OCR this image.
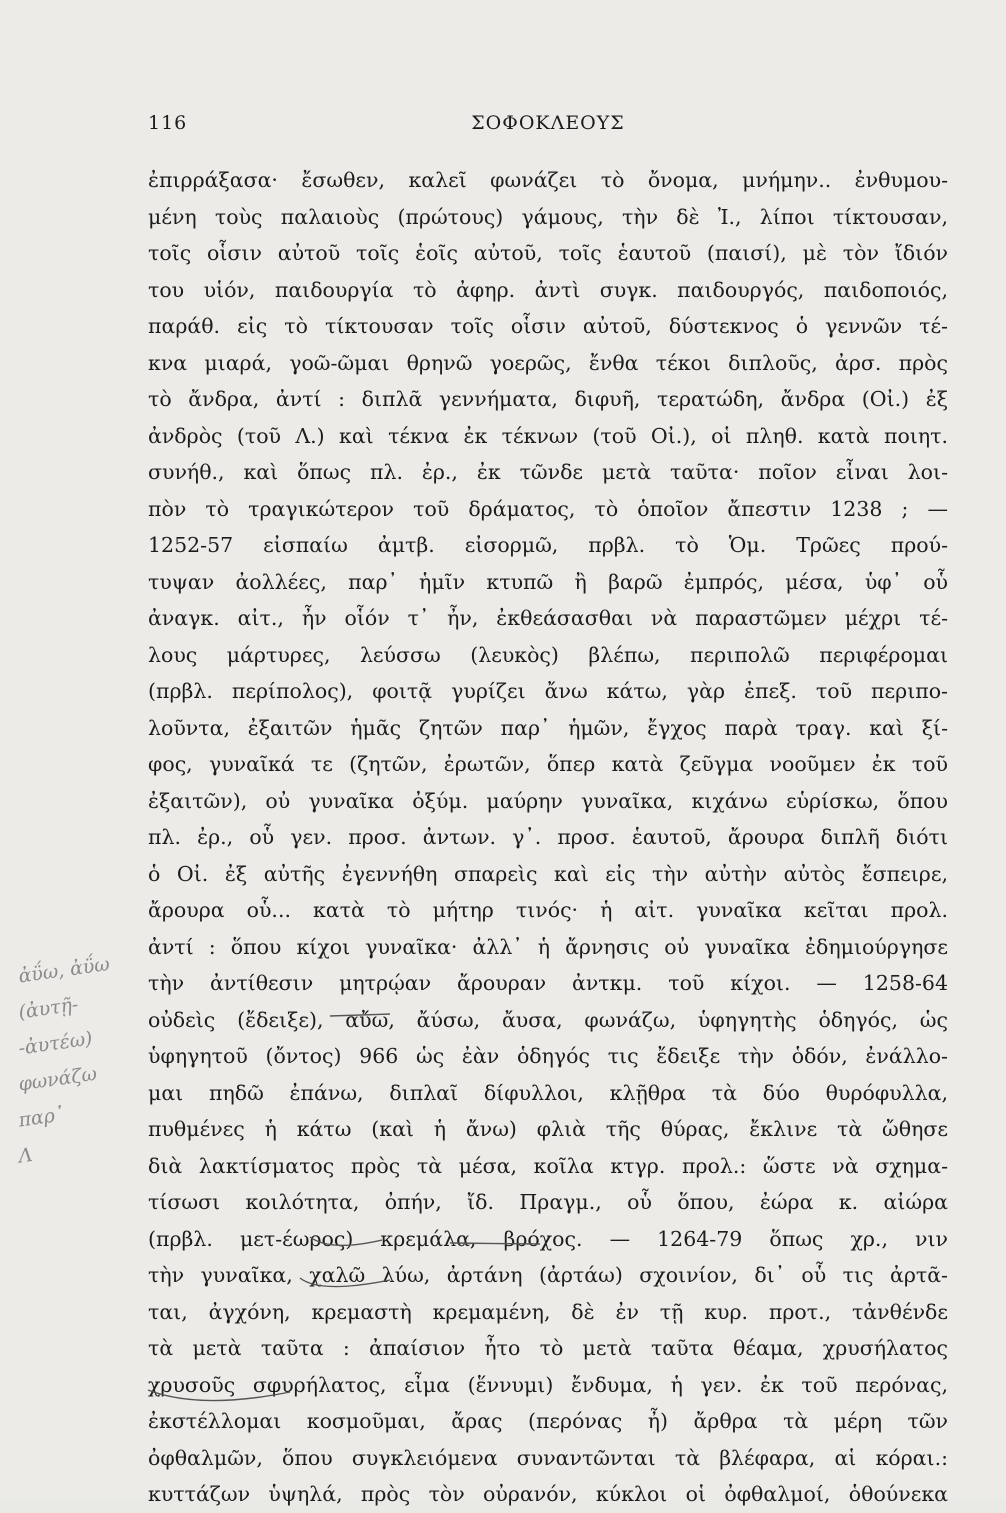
116	ΣΟΦΟΚΛΕΟΥΣ
ἐπιρράξασα· ἔσωθεν, καλεῖ φωνάζει τὸ ὄνομα, μνήμην.. ἐνθυμου-
μένη τοὺς παλαιοὺς (πρώτους) γάμους, τὴν δὲ Ἰ., λίποι τίκτουσαν,
τοῖς οἷσιν αὐτοῦ τοῖς ἑοῖς αὐτοῦ, τοῖς ἑαυτοῦ (παισί), μὲ τὸν ἴδιόν
του υἱόν, παιδουργία τὸ ἀφηρ. ἀντὶ συγκ. παιδουργός, παιδοποιός,
παράθ. εἰς τὸ τίκτουσαν τοῖς οἷσιν αὐτοῦ, δύστεκνος ὁ γεννῶν τέ-
κνα μιαρά, γοῶ-ῶμαι θρηνῶ γοερῶς, ἔνθα τέκοι διπλοῦς, ἀρσ. πρὸς
τὸ ἄνδρα, ἀντί : διπλᾶ γεννήματα, διφυῆ, τερατώδη, ἄνδρα (Οἰ.) ἐξ
ἀνδρὸς (τοῦ Λ.) καὶ τέκνα ἐκ τέκνων (τοῦ Οἰ.), οἱ πληθ. κατὰ ποιητ.
συνήθ., καὶ ὅπως πλ. ἐρ., ἐκ τῶνδε μετὰ ταῦτα· ποῖον εἶναι λοι-
πὸν τὸ τραγικώτερον τοῦ δράματος, τὸ ὁποῖον ἄπεστιν 1238 ; —
1252-57 εἰσπαίω ἀμτβ. εἰσορμῶ, πρβλ. τὸ Ὁμ. Τρῶες πρού-
τυψαν ἀολλέες, παρ᾽ ἡμῖν κτυπῶ ἢ βαρῶ ἐμπρός, μέσα, ὑφ᾽ οὗ
ἀναγκ. αἰτ., ἦν οἷόν τ᾽ ἦν, ἐκθεάσασθαι νὰ παραστῶμεν μέχρι τέ-
λους μάρτυρες, λεύσσω (λευκὸς) βλέπω, περιπολῶ περιφέρομαι
(πρβλ. περίπολος), φοιτᾷ γυρίζει ἄνω κάτω, γὰρ ἐπεξ. τοῦ περιπο-
λοῦντα, ἐξαιτῶν ἡμᾶς ζητῶν παρ᾽ ἡμῶν, ἔγχος παρὰ τραγ. καὶ ξί-
φος, γυναῖκά τε (ζητῶν, ἐρωτῶν, ὅπερ κατὰ ζεῦγμα νοοῦμεν ἐκ τοῦ
ἐξαιτῶν), οὐ γυναῖκα ὀξύμ. μαύρην γυναῖκα, κιχάνω εὑρίσκω, ὅπου
πλ. ἐρ., οὗ γεν. προσ. ἀντων. γ᾽. προσ. ἑαυτοῦ, ἄρουρα διπλῆ διότι
ὁ Οἰ. ἐξ αὐτῆς ἐγεννήθη σπαρεὶς καὶ εἰς τὴν αὐτὴν αὐτὸς ἔσπειρε,
ἄρουρα οὗ... κατὰ τὸ μήτηρ τινός· ἡ αἰτ. γυναῖκα κεῖται προλ.
ἀντί : ὅπου κίχοι γυναῖκα· ἀλλ᾽ ἡ ἄρνησις οὐ γυναῖκα ἐδημιούργησε
τὴν ἀντίθεσιν μητρῴαν ἄρουραν ἀντκμ. τοῦ κίχοι. — 1258-64
οὐδεὶς (ἔδειξε), αὔω, ἄύσω, ἄυσα, φωνάζω, ὑφηγητὴς ὁδηγός, ὡς
ὑφηγητοῦ (ὄντος) 966 ὡς ἐὰν ὁδηγός τις ἔδειξε τὴν ὁδόν, ἐνάλλο-
μαι πηδῶ ἐπάνω, διπλαῖ δίφυλλοι, κλῇθρα τὰ δύο θυρόφυλλα,
πυθμένες ἡ κάτω (καὶ ἡ ἄνω) φλιὰ τῆς θύρας, ἔκλινε τὰ ὤθησε
διὰ λακτίσματος πρὸς τὰ μέσα, κοῖλα κτγρ. προλ.: ὥστε νὰ σχημα-
τίσωσι κοιλότητα, ὀπήν, ἴδ. Πραγμ., οὗ ὅπου, ἐώρα κ. αἰώρα
(πρβλ. μετ-έωρος) κρεμάλα, βρόχος. — 1264-79 ὅπως χρ., νιν
τὴν γυναῖκα, χαλῶ λύω, ἀρτάνη (ἀρτάω) σχοινίον, δι᾽ οὗ τις ἀρτᾶ-
ται, ἀγχόνη, κρεμαστὴ κρεμαμένη, δὲ ἐν τῇ κυρ. προτ., τἀνθένδε
τὰ μετὰ ταῦτα : ἀπαίσιον ἦτο τὸ μετὰ ταῦτα θέαμα, χρυσήλατος
χρυσοῦς σφυρήλατος, εἶμα (ἕννυμι) ἔνδυμα, ἡ γεν. ἐκ τοῦ περόνας,
ἐκστέλλομαι κοσμοῦμαι, ἄρας (περόνας ἦ) ἄρθρα τὰ μέρη τῶν
ὀφθαλμῶν, ὅπου συγκλειόμενα συναντῶνται τὰ βλέφαρα, αἱ κόραι.:
κυττάζων ὑψηλά, πρὸς τὸν οὐρανόν, κύκλοι οἱ ὀφθαλμοί, ὁθούνεκα
ἀΰω, ἀΰω
(ἀυτῇ-
-ἀυτέω)
φωνάζω
παρ᾽
Λ
